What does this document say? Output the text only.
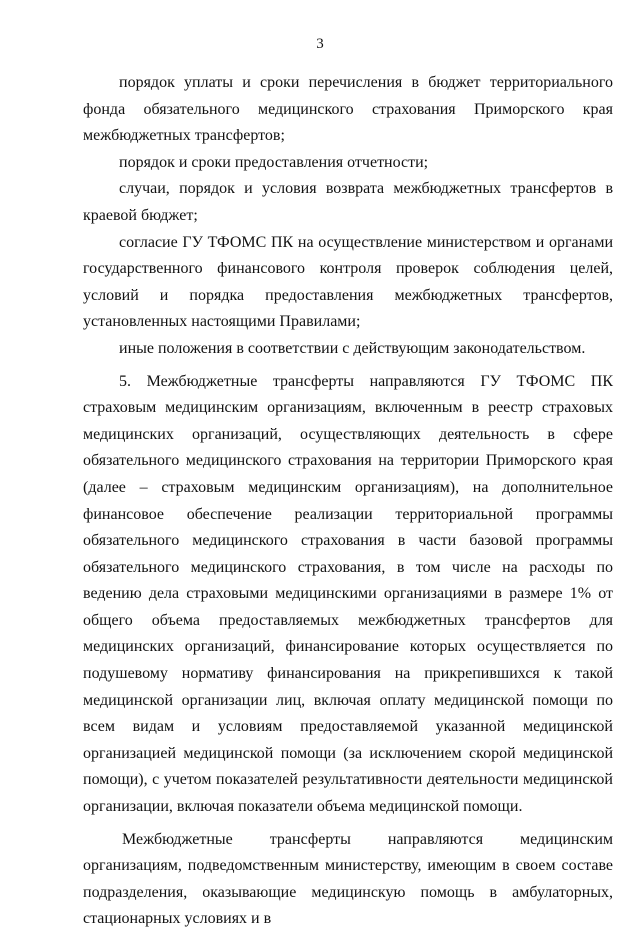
3

порядок уплаты и сроки перечисления в бюджет территориального фонда обязательного медицинского страхования Приморского края межбюджетных трансфертов;

порядок и сроки предоставления отчетности;

случаи, порядок и условия возврата межбюджетных трансфертов в краевой бюджет;

согласие ГУ ТФОМС ПК на осуществление министерством и органами государственного финансового контроля проверок соблюдения целей, условий и порядка предоставления межбюджетных трансфертов, установленных настоящими Правилами;

иные положения в соответствии с действующим законодательством.

5. Межбюджетные трансферты направляются ГУ ТФОМС ПК страховым медицинским организациям, включенным в реестр страховых медицинских организаций, осуществляющих деятельность в сфере обязательного медицинского страхования на территории Приморского края (далее – страховым медицинским организациям), на дополнительное финансовое обеспечение реализации территориальной программы обязательного медицинского страхования в части базовой программы обязательного медицинского страхования, в том числе на расходы по ведению дела страховыми медицинскими организациями в размере 1% от общего объема предоставляемых межбюджетных трансфертов для медицинских организаций, финансирование которых осуществляется по подушевому нормативу финансирования на прикрепившихся к такой медицинской организации лиц, включая оплату медицинской помощи по всем видам и условиям предоставляемой указанной медицинской организацией медицинской помощи (за исключением скорой медицинской помощи), с учетом показателей результативности деятельности медицинской организации, включая показатели объема медицинской помощи.

Межбюджетные трансферты направляются медицинским организациям, подведомственным министерству, имеющим в своем составе подразделения, оказывающие медицинскую помощь в амбулаторных, стационарных условиях и в
